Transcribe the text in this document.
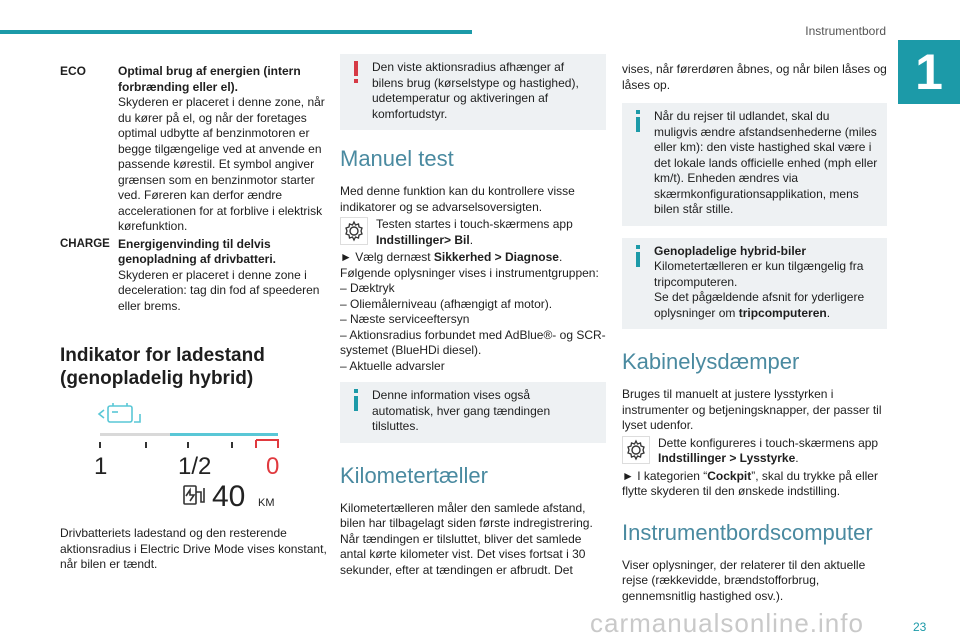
Instrumentbord
1
ECO	Optimal brug af energien (intern forbrænding eller el).
Skyderen er placeret i denne zone, når du kører på el, og når der foretages optimal udbytte af benzinmotoren er begge tilgængelige ved at anvende en passende kørestil. Et symbol angiver grænsen som en benzinmotor starter ved. Føreren kan derfor ændre accelerationen for at forblive i elektrisk kørefunktion.
CHARGE Energigenvinding til delvis genopladning af drivbatteri.
Skyderen er placeret i denne zone i deceleration: tag din fod af speederen eller brems.
Indikator for ladestand (genopladelig hybrid)
1	1/2 0
40 KM
Drivbatteriets ladestand og den resterende aktionsradius i Electric Drive Mode vises konstant, når bilen er tændt.
Den viste aktionsradius afhænger af
bilens brug (kørselstype og hastighed), udetemperatur og aktiveringen af komfortudstyr.
Manuel test
Med denne funktion kan du kontrollere visse indikatorer og se advarselsoversigten.
Testen startes i touch-skærmens app
Indstillinger> Bil.
► Vælg dernæst Sikkerhed > Diagnose.
Følgende oplysninger vises i instrumentgruppen:
– Dæktryk
– Oliemålerniveau (afhængigt af motor).
– Næste serviceeftersyn
– Aktionsradius forbundet med AdBlue®- og SCR-systemet (BlueHDi diesel).
– Aktuelle advarsler
Denne information vises også
automatisk, hver gang tændingen tilsluttes.
Kilometertæller
Kilometertælleren måler den samlede afstand, bilen har tilbagelagt siden første indregistrering. Når tændingen er tilsluttet, bliver det samlede antal kørte kilometer vist. Det vises fortsat i 30 sekunder, efter at tændingen er afbrudt. Det
vises, når førerdøren åbnes, og når bilen låses og låses op.
Når du rejser til udlandet, skal du
muligvis ændre afstandsenhederne (miles eller km): den viste hastighed skal være i det lokale lands officielle enhed (mph eller km/t). Enheden ændres via skærmkonfigurationsapplikation, mens bilen står stille.
Genopladelige hybrid-biler
Kilometertælleren er kun tilgængelig fra tripcomputeren.
Se det pågældende afsnit for yderligere oplysninger om tripcomputeren.
Kabinelysdæmper
Bruges til manuelt at justere lysstyrken i instrumenter og betjeningsknapper, der passer til lyset udenfor.
Dette konfigureres i touch-skærmens app
Indstillinger > Lysstyrke.
► I kategorien “Cockpit”, skal du trykke på eller flytte skyderen til den ønskede indstilling.
Instrumentbordscomputer
Viser oplysninger, der relaterer til den aktuelle rejse (rækkevidde, brændstofforbrug, gennemsnitlig hastighed osv.).
carmanualsonline.info	23
